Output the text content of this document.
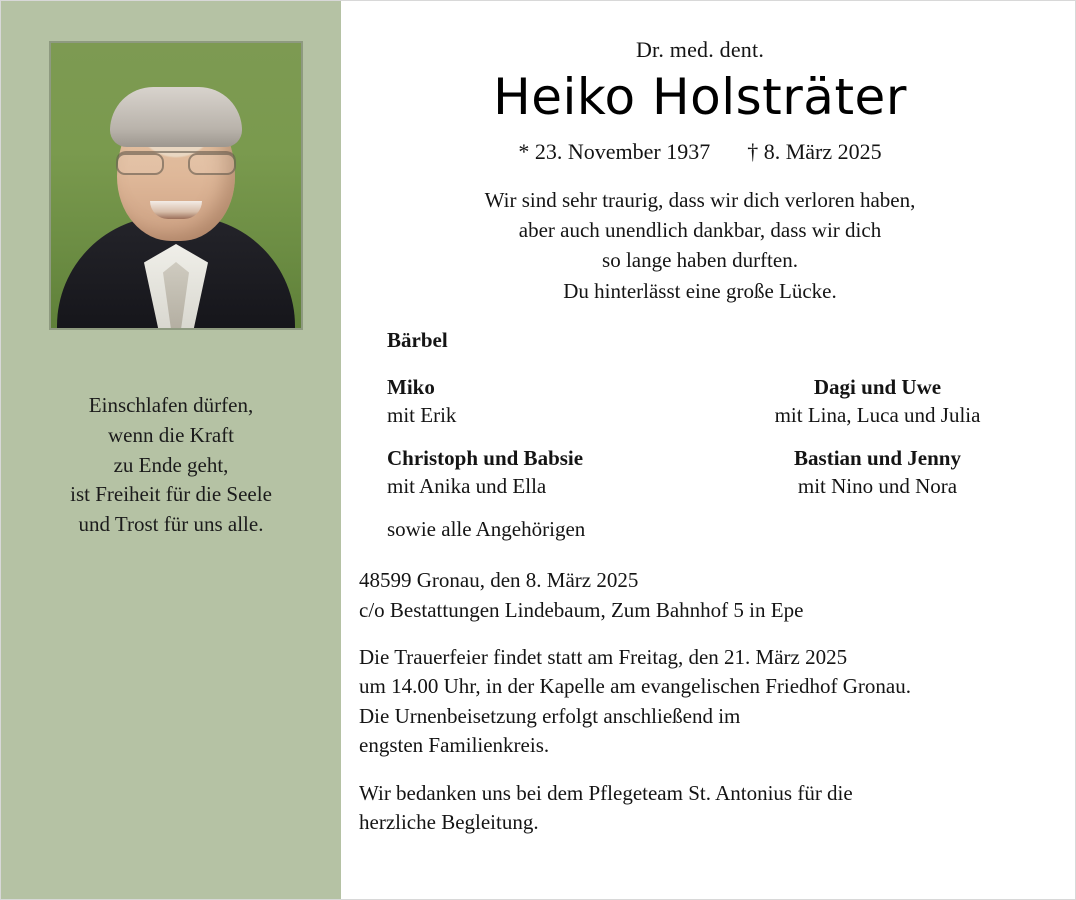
Einschlafen dürfen,
wenn die Kraft
zu Ende geht,
ist Freiheit für die Seele
und Trost für uns alle.
Dr. med. dent.
Heiko Holsträter
* 23. November 1937 † 8. März 2025
Wir sind sehr traurig, dass wir dich verloren haben,
aber auch unendlich dankbar, dass wir dich
so lange haben durften.
Du hinterlässt eine große Lücke.
Bärbel
Miko
mit Erik
Dagi und Uwe
mit Lina, Luca und Julia
Christoph und Babsie
mit Anika und Ella
Bastian und Jenny
mit Nino und Nora
sowie alle Angehörigen
48599 Gronau, den 8. März 2025
c/o Bestattungen Lindebaum, Zum Bahnhof 5 in Epe
Die Trauerfeier findet statt am Freitag, den 21. März 2025
um 14.00 Uhr, in der Kapelle am evangelischen Friedhof Gronau.
Die Urnenbeisetzung erfolgt anschließend im
engsten Familienkreis.
Wir bedanken uns bei dem Pflegeteam St. Antonius für die
herzliche Begleitung.
